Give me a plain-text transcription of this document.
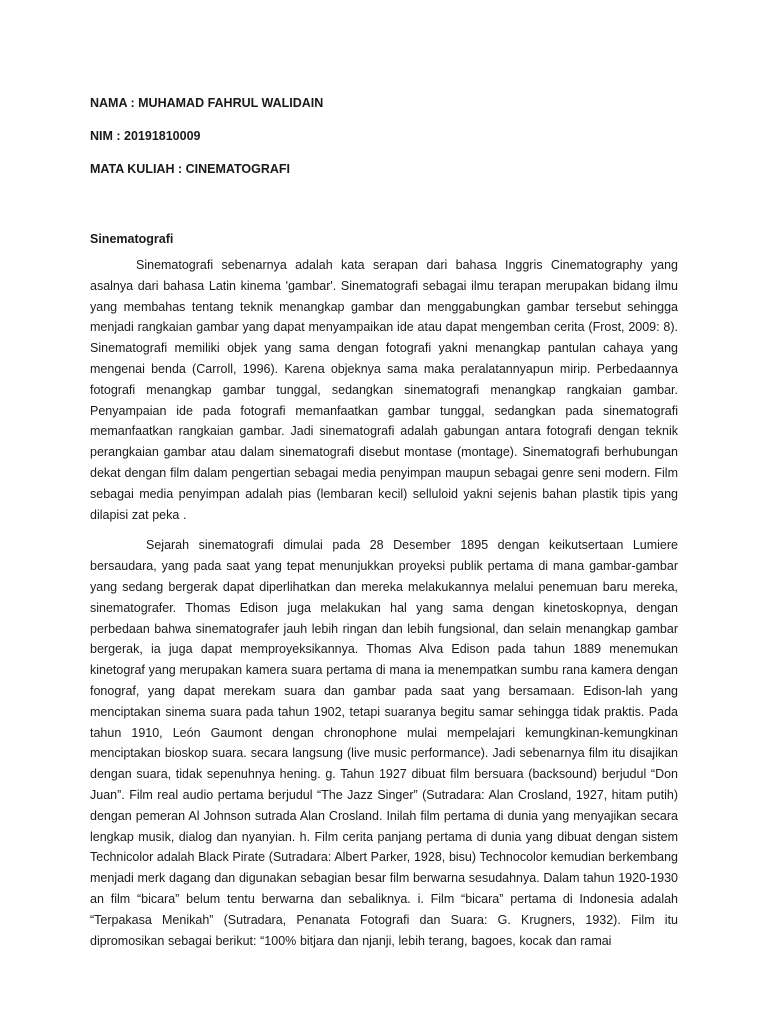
NAMA : MUHAMAD FAHRUL WALIDAIN
NIM : 20191810009
MATA KULIAH : CINEMATOGRAFI
Sinematografi

Sinematografi sebenarnya adalah kata serapan dari bahasa Inggris Cinematography yang asalnya dari bahasa Latin kinema 'gambar'. Sinematografi sebagai ilmu terapan merupakan bidang ilmu yang membahas tentang teknik menangkap gambar dan menggabungkan gambar tersebut sehingga menjadi rangkaian gambar yang dapat menyampaikan ide atau dapat mengemban cerita (Frost, 2009: 8). Sinematografi memiliki objek yang sama dengan fotografi yakni menangkap pantulan cahaya yang mengenai benda (Carroll, 1996). Karena objeknya sama maka peralatannyapun mirip. Perbedaannya fotografi menangkap gambar tunggal, sedangkan sinematografi menangkap rangkaian gambar. Penyampaian ide pada fotografi memanfaatkan gambar tunggal, sedangkan pada sinematografi memanfaatkan rangkaian gambar. Jadi sinematografi adalah gabungan antara fotografi dengan teknik perangkaian gambar atau dalam sinematografi disebut montase (montage). Sinematografi berhubungan dekat dengan film dalam pengertian sebagai media penyimpan maupun sebagai genre seni modern. Film sebagai media penyimpan adalah pias (lembaran kecil) selluloid yakni sejenis bahan plastik tipis yang dilapisi zat peka .

Sejarah sinematografi dimulai pada 28 Desember 1895 dengan keikutsertaan Lumiere bersaudara, yang pada saat yang tepat menunjukkan proyeksi publik pertama di mana gambar-gambar yang sedang bergerak dapat diperlihatkan dan mereka melakukannya melalui penemuan baru mereka, sinematografer. Thomas Edison juga melakukan hal yang sama dengan kinetoskopnya, dengan perbedaan bahwa sinematografer jauh lebih ringan dan lebih fungsional, dan selain menangkap gambar bergerak, ia juga dapat memproyeksikannya. Thomas Alva Edison pada tahun 1889 menemukan kinetograf yang merupakan kamera suara pertama di mana ia menempatkan sumbu rana kamera dengan fonograf, yang dapat merekam suara dan gambar pada saat yang bersamaan. Edison-lah yang menciptakan sinema suara pada tahun 1902, tetapi suaranya begitu samar sehingga tidak praktis. Pada tahun 1910, León Gaumont dengan chronophone mulai mempelajari kemungkinan-kemungkinan menciptakan bioskop suara. secara langsung (live music performance). Jadi sebenarnya film itu disajikan dengan suara, tidak sepenuhnya hening. g. Tahun 1927 dibuat film bersuara (backsound) berjudul “Don Juan”. Film real audio pertama berjudul “The Jazz Singer” (Sutradara: Alan Crosland, 1927, hitam putih) dengan pemeran Al Johnson sutrada Alan Crosland. Inilah film pertama di dunia yang menyajikan secara lengkap musik, dialog dan nyanyian. h. Film cerita panjang pertama di dunia yang dibuat dengan sistem Technicolor adalah Black Pirate (Sutradara: Albert Parker, 1928, bisu) Technocolor kemudian berkembang menjadi merk dagang dan digunakan sebagian besar film berwarna sesudahnya. Dalam tahun 1920-1930 an film “bicara” belum tentu berwarna dan sebaliknya. i. Film “bicara” pertama di Indonesia adalah “Terpakasa Menikah” (Sutradara, Penanata Fotografi dan Suara: G. Krugners, 1932). Film itu dipromosikan sebagai berikut: “100% bitjara dan njanji, lebih terang, bagoes, kocak dan ramai
